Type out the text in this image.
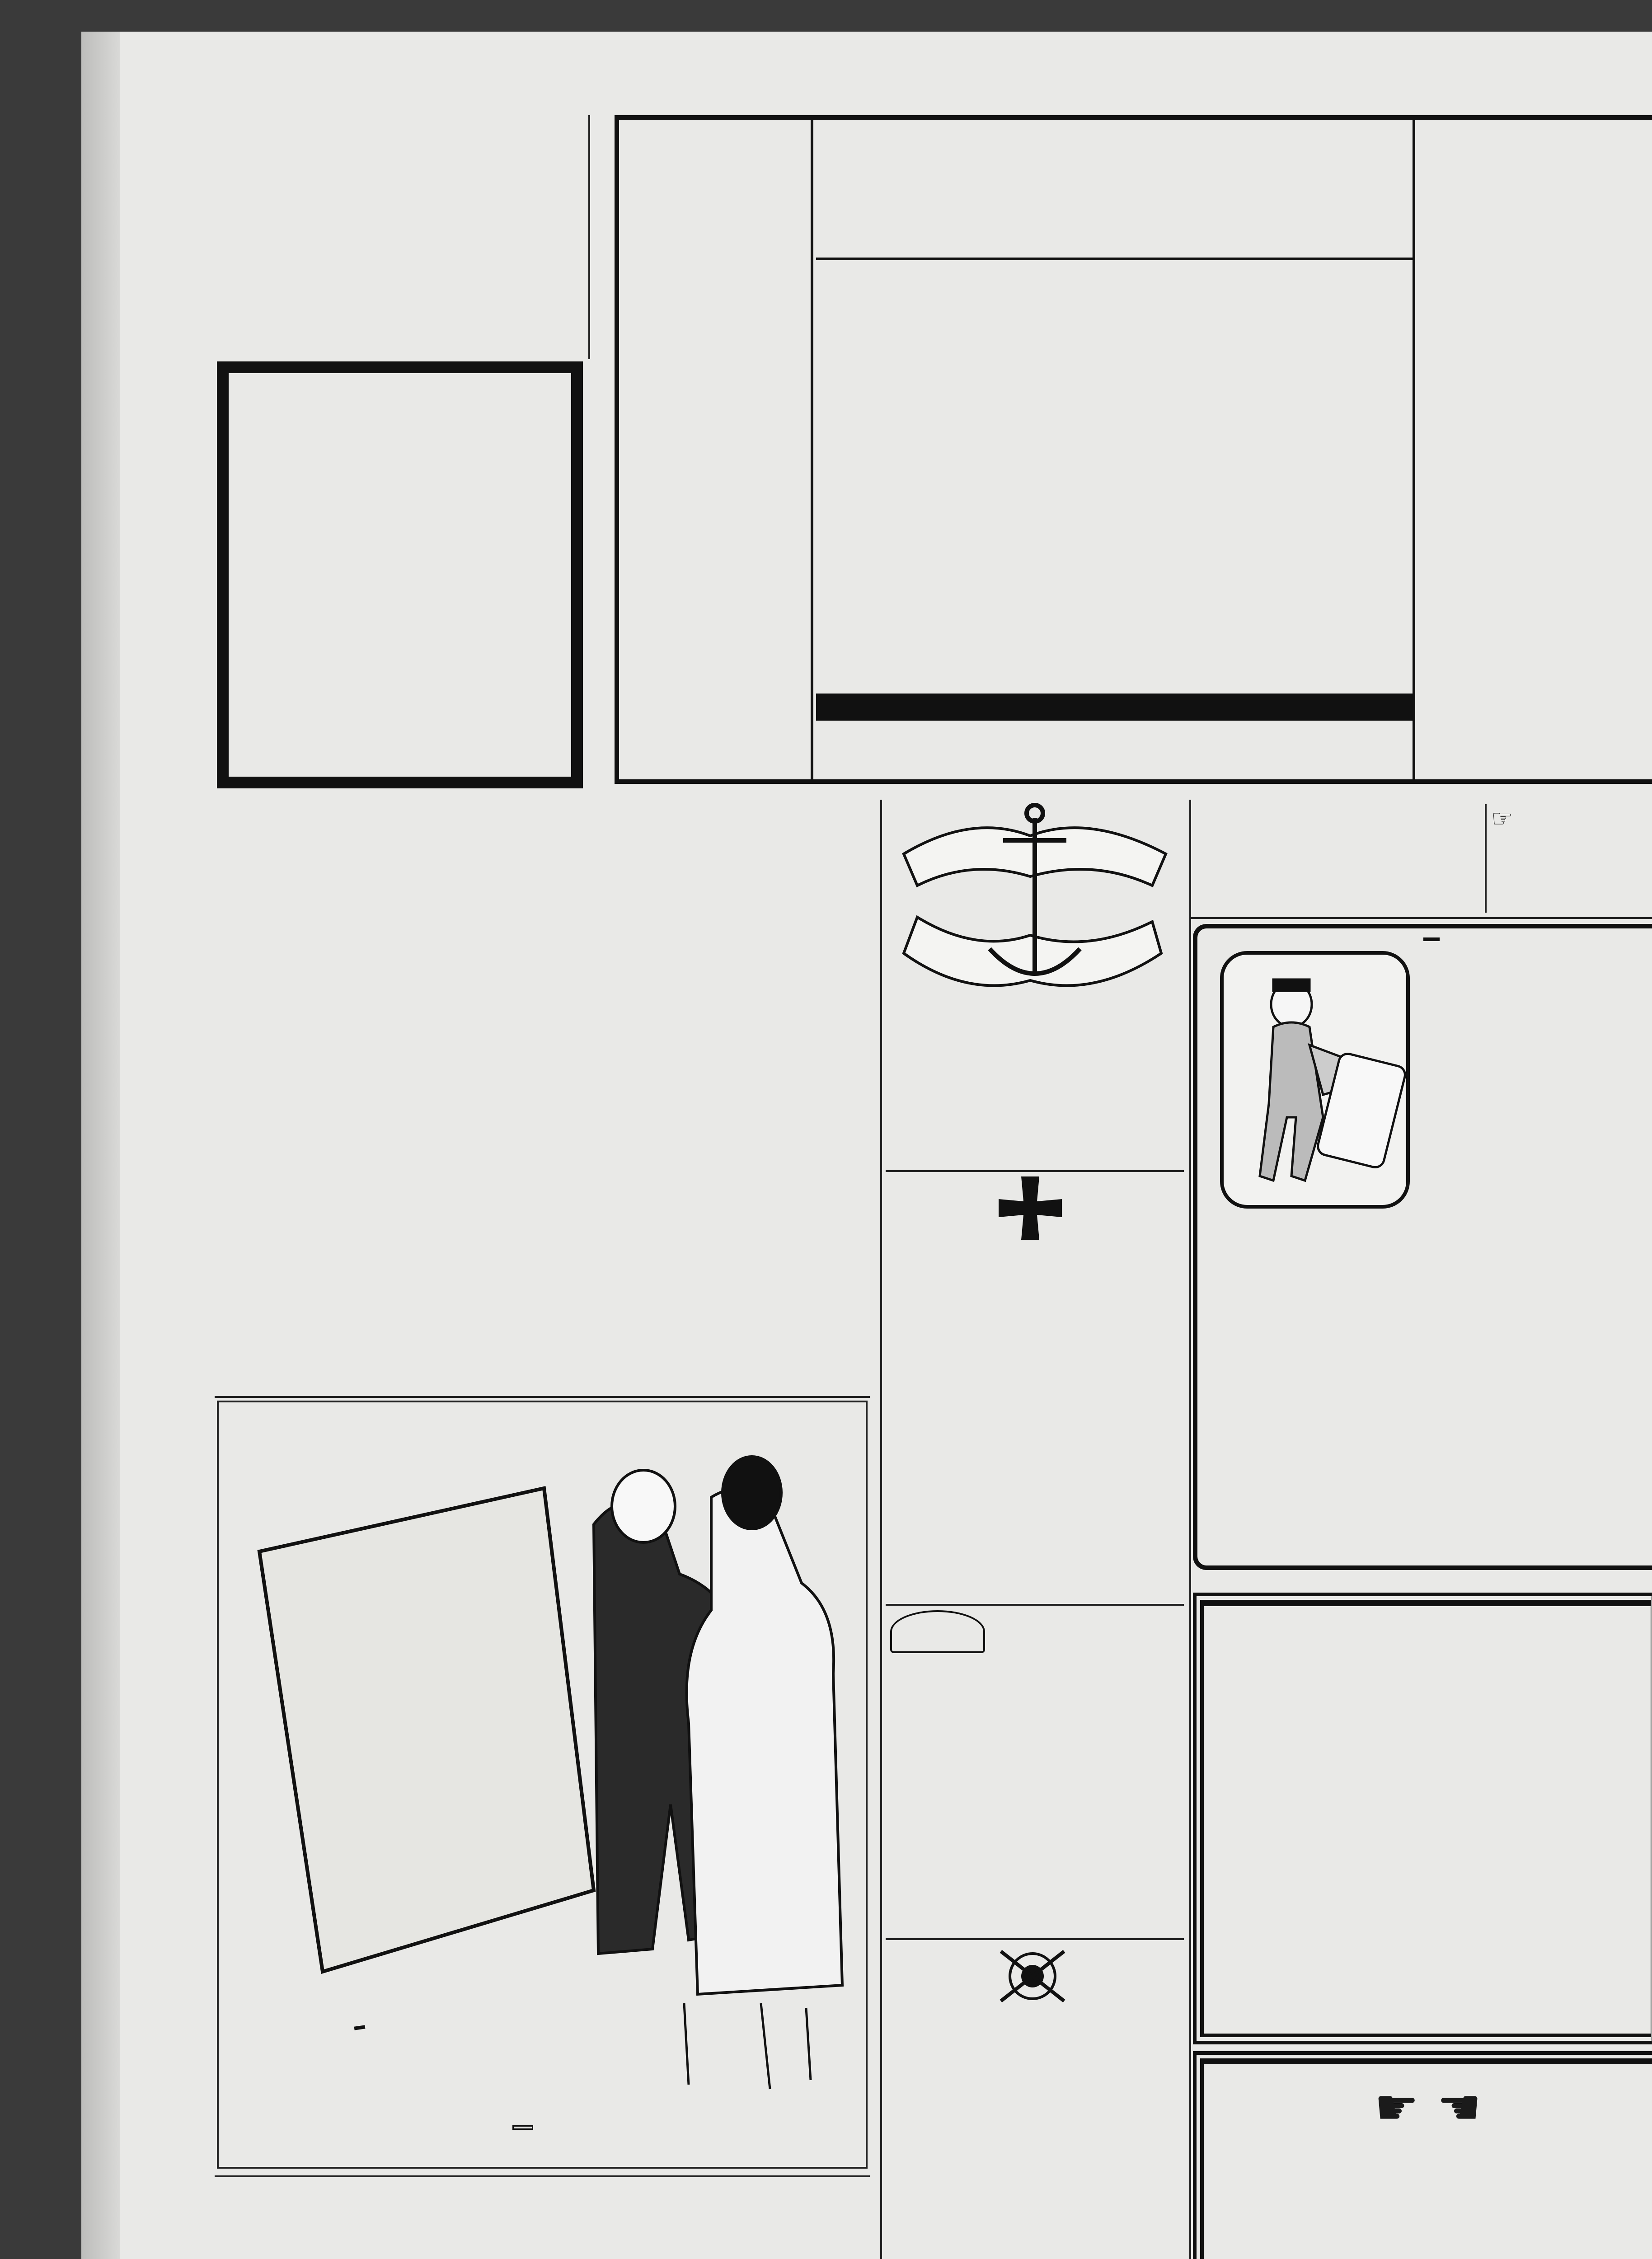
☞
☛ ☚
